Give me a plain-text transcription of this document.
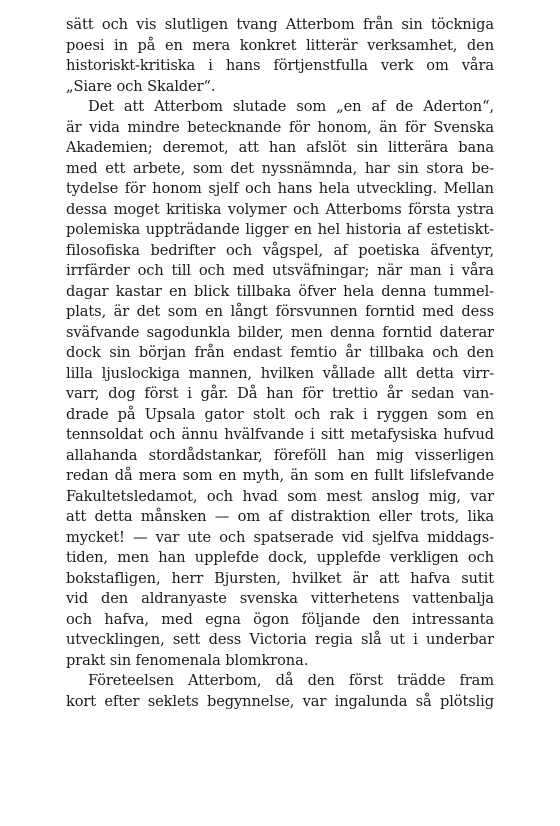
sätt och vis slutligen tvang Atterbom från sin töckniga
poesi in på en mera konkret litterär verksamhet, den
historiskt-kritiska i hans förtjenstfulla verk om våra
„Siare och Skalder“.
Det att Atterbom slutade som „en af de Aderton“,
är vida mindre betecknande för honom, än för Svenska
Akademien; deremot, att han afslöt sin litterära bana
med ett arbete, som det nyssnämnda, har sin stora be-
tydelse för honom sjelf och hans hela utveckling. Mellan
dessa moget kritiska volymer och Atterboms första ystra
polemiska uppträdande ligger en hel historia af estetiskt-
filosofiska bedrifter och vågspel, af poetiska äfventyr,
irrfärder och till och med utsväfningar; när man i våra
dagar kastar en blick tillbaka öfver hela denna tummel-
plats, är det som en långt försvunnen forntid med dess
sväfvande sagodunkla bilder, men denna forntid daterar
dock sin början från endast femtio år tillbaka och den
lilla ljuslockiga mannen, hvilken vållade allt detta virr-
varr, dog först i går. Då han för trettio år sedan van-
drade på Upsala gator stolt och rak i ryggen som en
tennsoldat och ännu hvälfvande i sitt metafysiska hufvud
allahanda stordådstankar, föreföll han mig visserligen
redan då mera som en myth, än som en fullt lifslefvande
Fakultetsledamot, och hvad som mest anslog mig, var
att detta månsken — om af distraktion eller trots, lika
mycket! — var ute och spatserade vid sjelfva middags-
tiden, men han upplefde dock, upplefde verkligen och
bokstafligen, herr Bjursten, hvilket är att hafva sutit
vid den aldranyaste svenska vitterhetens vattenbalja
och hafva, med egna ögon följande den intressanta
utvecklingen, sett dess Victoria regia slå ut i underbar
prakt sin fenomenala blomkrona.
Företeelsen Atterbom, då den först trädde fram
kort efter seklets begynnelse, var ingalunda så plötslig
